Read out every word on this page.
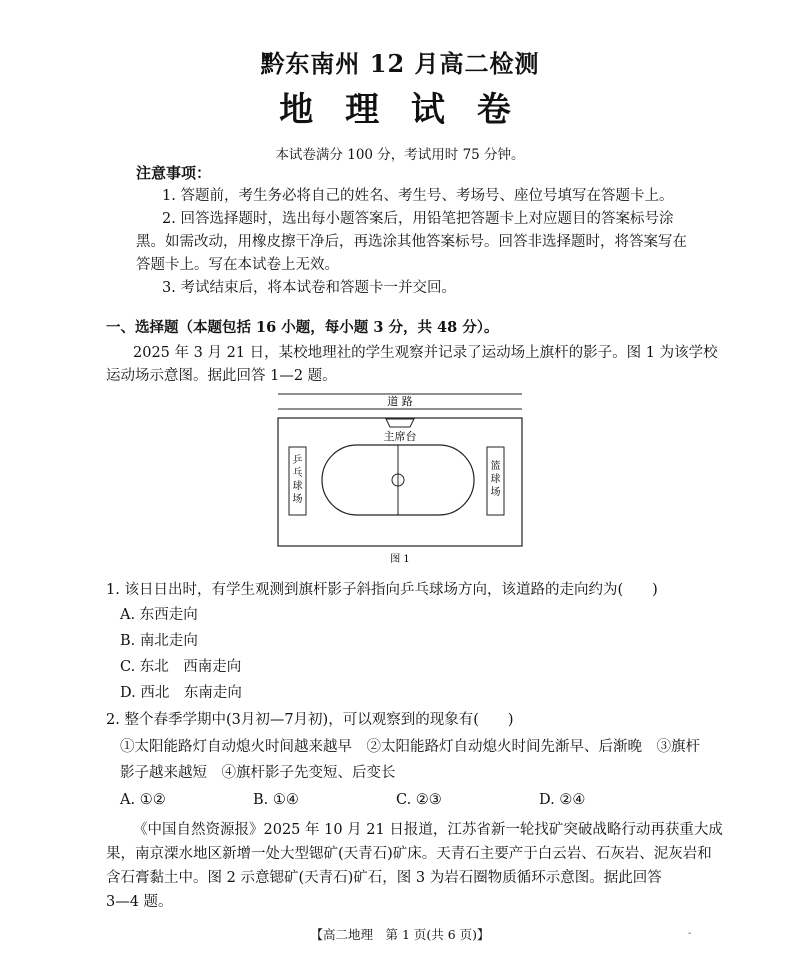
黔东南州 12 月高二检测
地 理 试 卷
本试卷满分 100 分，考试用时 75 分钟。
注意事项：
1. 答题前，考生务必将自己的姓名、考生号、考场号、座位号填写在答题卡上。
2. 回答选择题时，选出每小题答案后，用铅笔把答题卡上对应题目的答案标号涂
黑。如需改动，用橡皮擦干净后，再选涂其他答案标号。回答非选择题时，将答案写在
答题卡上。写在本试卷上无效。
3. 考试结束后，将本试卷和答题卡一并交回。
一、选择题（本题包括 16 小题，每小题 3 分，共 48 分）。
2025 年 3 月 21 日，某校地理社的学生观察并记录了运动场上旗杆的影子。图 1 为该学校
运动场示意图。据此回答 1—2 题。
道 路
主席台
乒
乓
球
场
篮
球
场
图 1
1. 该日日出时，有学生观测到旗杆影子斜指向乒乓球场方向，该道路的走向约为(　　)
A. 东西走向
B. 南北走向
C. 东北　西南走向
D. 西北　东南走向
2. 整个春季学期中(3月初—7月初)，可以观察到的现象有(　　)
①太阳能路灯自动熄火时间越来越早　②太阳能路灯自动熄火时间先渐早、后渐晚　③旗杆
影子越来越短　④旗杆影子先变短、后变长
A. ①②	B. ①④	C. ②③	D. ②④
《中国自然资源报》2025 年 10 月 21 日报道，江苏省新一轮找矿突破战略行动再获重大成
果，南京溧水地区新增一处大型锶矿(天青石)矿床。天青石主要产于白云岩、石灰岩、泥灰岩和
含石膏黏土中。图 2 示意锶矿(天青石)矿石，图 3 为岩石圈物质循环示意图。据此回答
3—4 题。
【高二地理　第 1 页(共 6 页)】	-
